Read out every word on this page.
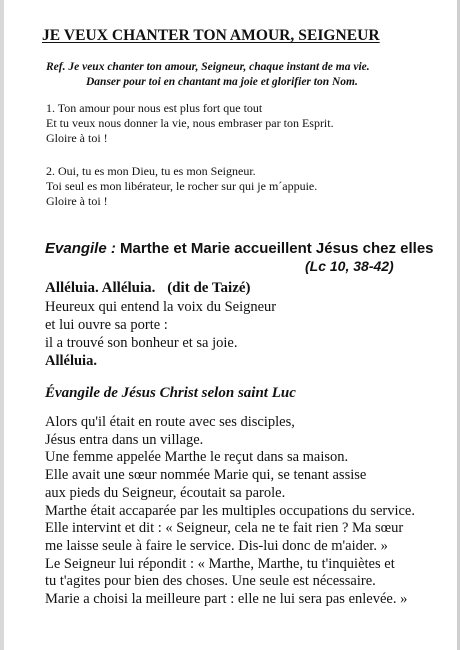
JE VEUX CHANTER TON AMOUR, SEIGNEUR
Ref. Je veux chanter ton amour, Seigneur, chaque instant de ma vie.
Danser pour toi en chantant ma joie et glorifier ton Nom.
1. Ton amour pour nous est plus fort que tout
Et tu veux nous donner la vie, nous embraser par ton Esprit.
Gloire à toi !
2. Oui, tu es mon Dieu, tu es mon Seigneur.
Toi seul es mon libérateur, le rocher sur qui je m´appuie.
Gloire à toi !
Evangile : Marthe et Marie accueillent Jésus chez elles
(Lc 10, 38-42)
Alléluia. Alléluia. (dit de Taizé)
Heureux qui entend la voix du Seigneur
et lui ouvre sa porte :
il a trouvé son bonheur et sa joie.
Alléluia.
Évangile de Jésus Christ selon saint Luc
Alors qu'il était en route avec ses disciples,
Jésus entra dans un village.
Une femme appelée Marthe le reçut dans sa maison.
Elle avait une sœur nommée Marie qui, se tenant assise
aux pieds du Seigneur, écoutait sa parole.
Marthe était accaparée par les multiples occupations du service.
Elle intervint et dit : « Seigneur, cela ne te fait rien ? Ma sœur
me laisse seule à faire le service. Dis-lui donc de m'aider. »
Le Seigneur lui répondit : « Marthe, Marthe, tu t'inquiètes et
tu t'agites pour bien des choses. Une seule est nécessaire.
Marie a choisi la meilleure part : elle ne lui sera pas enlevée. »
